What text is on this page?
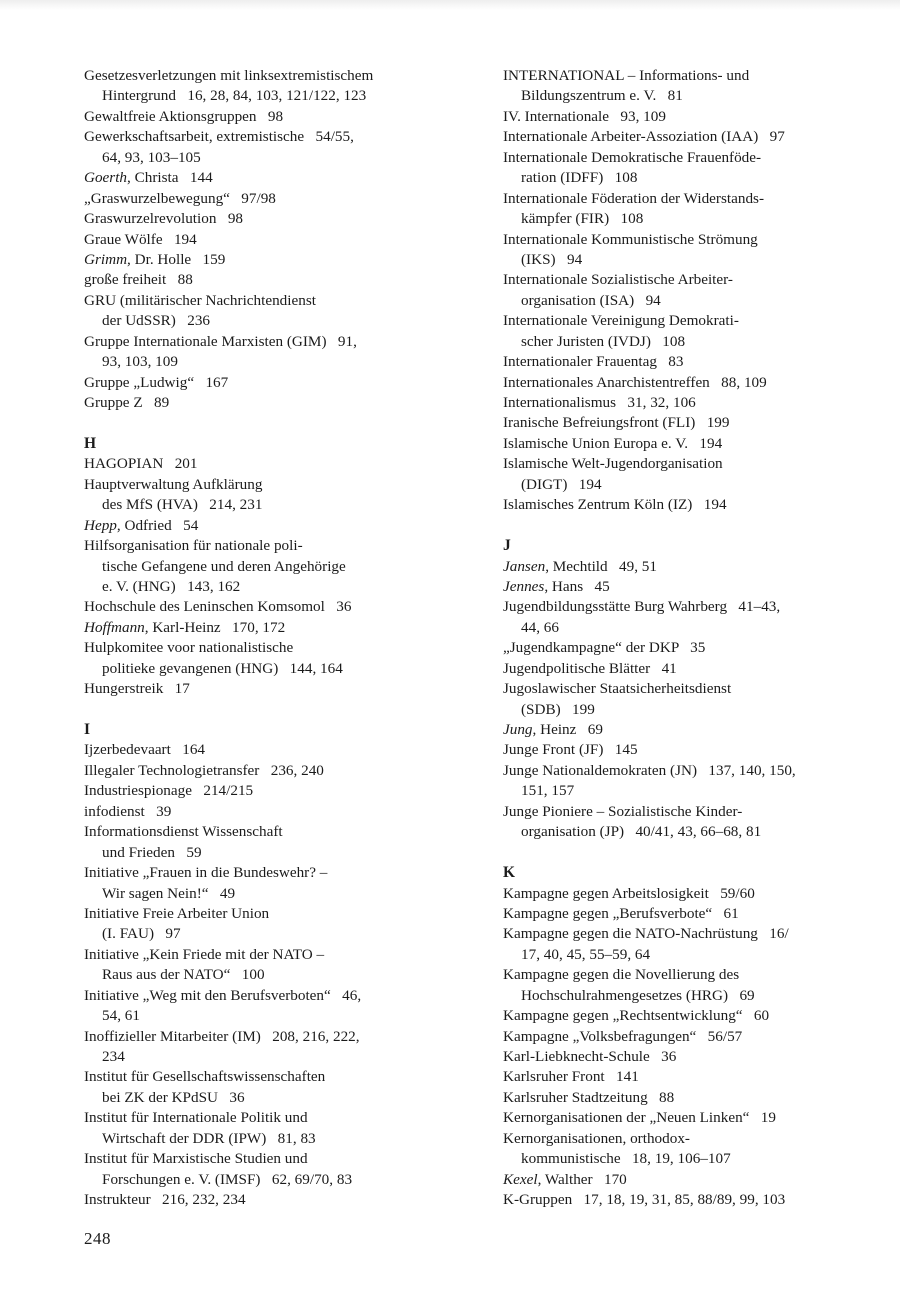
Gesetzesverletzungen mit linksextremistischem
Hintergrund   16, 28, 84, 103, 121/122, 123
Gewaltfreie Aktionsgruppen   98
Gewerkschaftsarbeit, extremistische   54/55,
64, 93, 103–105
Goerth, Christa   144
„Graswurzelbewegung“   97/98
Graswurzelrevolution   98
Graue Wölfe   194
Grimm, Dr. Holle   159
große freiheit   88
GRU (militärischer Nachrichtendienst
der UdSSR)   236
Gruppe Internationale Marxisten (GIM)   91,
93, 103, 109
Gruppe „Ludwig“   167
Gruppe Z   89
H
HAGOPIAN   201
Hauptverwaltung Aufklärung
des MfS (HVA)   214, 231
Hepp, Odfried   54
Hilfsorganisation für nationale poli-
tische Gefangene und deren Angehörige
e. V. (HNG)   143, 162
Hochschule des Leninschen Komsomol   36
Hoffmann, Karl-Heinz   170, 172
Hulpkomitee voor nationalistische
politieke gevangenen (HNG)   144, 164
Hungerstreik   17
I
Ijzerbedevaart   164
Illegaler Technologietransfer   236, 240
Industriespionage   214/215
infodienst   39
Informationsdienst Wissenschaft
und Frieden   59
Initiative „Frauen in die Bundeswehr? –
Wir sagen Nein!“   49
Initiative Freie Arbeiter Union
(I. FAU)   97
Initiative „Kein Friede mit der NATO –
Raus aus der NATO“   100
Initiative „Weg mit den Berufsverboten“   46,
54, 61
Inoffizieller Mitarbeiter (IM)   208, 216, 222,
234
Institut für Gesellschaftswissenschaften
bei ZK der KPdSU   36
Institut für Internationale Politik und
Wirtschaft der DDR (IPW)   81, 83
Institut für Marxistische Studien und
Forschungen e. V. (IMSF)   62, 69/70, 83
Instrukteur   216, 232, 234
INTERNATIONAL – Informations- und
Bildungszentrum e. V.   81
IV. Internationale   93, 109
Internationale Arbeiter-Assoziation (IAA)   97
Internationale Demokratische Frauenföde-
ration (IDFF)   108
Internationale Föderation der Widerstands-
kämpfer (FIR)   108
Internationale Kommunistische Strömung
(IKS)   94
Internationale Sozialistische Arbeiter-
organisation (ISA)   94
Internationale Vereinigung Demokrati-
scher Juristen (IVDJ)   108
Internationaler Frauentag   83
Internationales Anarchistentreffen   88, 109
Internationalismus   31, 32, 106
Iranische Befreiungsfront (FLI)   199
Islamische Union Europa e. V.   194
Islamische Welt-Jugendorganisation
(DIGT)   194
Islamisches Zentrum Köln (IZ)   194
J
Jansen, Mechtild   49, 51
Jennes, Hans   45
Jugendbildungsstätte Burg Wahrberg   41–43,
44, 66
„Jugendkampagne“ der DKP   35
Jugendpolitische Blätter   41
Jugoslawischer Staatsicherheitsdienst
(SDB)   199
Jung, Heinz   69
Junge Front (JF)   145
Junge Nationaldemokraten (JN)   137, 140, 150,
151, 157
Junge Pioniere – Sozialistische Kinder-
organisation (JP)   40/41, 43, 66–68, 81
K
Kampagne gegen Arbeitslosigkeit   59/60
Kampagne gegen „Berufsverbote“   61
Kampagne gegen die NATO-Nachrüstung   16/
17, 40, 45, 55–59, 64
Kampagne gegen die Novellierung des
Hochschulrahmengesetzes (HRG)   69
Kampagne gegen „Rechtsentwicklung“   60
Kampagne „Volksbefragungen“   56/57
Karl-Liebknecht-Schule   36
Karlsruher Front   141
Karlsruher Stadtzeitung   88
Kernorganisationen der „Neuen Linken“   19
Kernorganisationen, orthodox-
kommunistische   18, 19, 106–107
Kexel, Walther   170
K-Gruppen   17, 18, 19, 31, 85, 88/89, 99, 103
248
